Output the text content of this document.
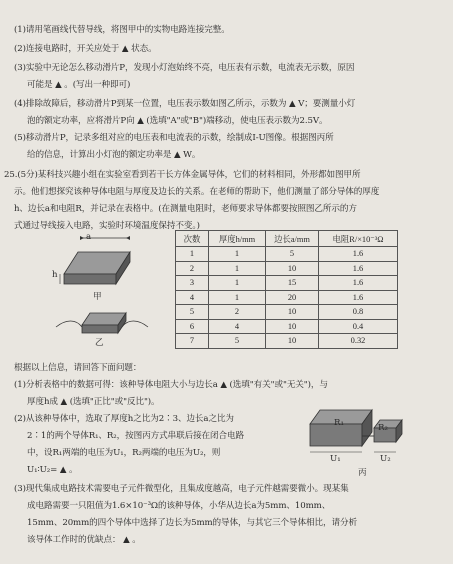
(1)请用笔画线代替导线，将图甲中的实物电路连接完整。
(2)连接电路时，开关应处于 ▲ 状态。
(3)实验中无论怎么移动滑片P，发现小灯泡始终不亮，电压表有示数，电流表无示数，原因
可能是 ▲ 。(写出一种即可)
(4)排除故障后，移动滑片P到某一位置，电压表示数如图乙所示，示数为 ▲ V；要测量小灯
泡的额定功率，应将滑片P向 ▲ (选填"A"或"B")端移动，使电压表示数为2.5V。
(5)移动滑片P，记录多组对应的电压表和电流表的示数，绘制成I-U图像。根据图丙所
给的信息，计算出小灯泡的额定功率是 ▲ W。
25.(5分)某科技兴趣小组在实验室看到若干长方体金属导体，它们的材料相同，外形都如图甲所
示。他们想探究该种导体电阻与厚度及边长的关系。在老师的帮助下，他们测量了部分导体的厚度
h、边长a和电阻R，并记录在表格中。(在测量电阻时，老师要求导体都要按照图乙所示的方
式通过导线接入电路，实验时环境温度保持不变。)
a
h
甲
乙
次数	厚度h/mm	边长a/mm	电阻R/×10⁻³Ω
1	1	5	1.6
2	1	10	1.6
3	1	15	1.6
4	1	20	1.6
5	2	10	0.8
6	4	10	0.4
7	5	10	0.32
根据以上信息，请回答下面问题：
(1)分析表格中的数据可得：该种导体电阻大小与边长a ▲ (选填"有关"或"无关")，与
厚度h成 ▲ (选填"正比"或"反比")。
(2)从该种导体中，选取了厚度h之比为2∶3、边长a之比为
2∶1的两个导体R₁、R₂，按图丙方式串联后接在闭合电路
中，设R₁两端的电压为U₁，R₂两端的电压为U₂，则
U₁∶U₂= ▲ 。
R₁	R₂
U₁	U₂
丙
(3)现代集成电路技术需要电子元件微型化，且集成度越高，电子元件越需要微小。现某集
成电路需要一只阻值为1.6×10⁻³Ω的该种导体，小华从边长a为5mm、10mm、
15mm、20mm的四个导体中选择了边长为5mm的导体，与其它三个导体相比，请分析
该导体工作时的优缺点： ▲ 。
